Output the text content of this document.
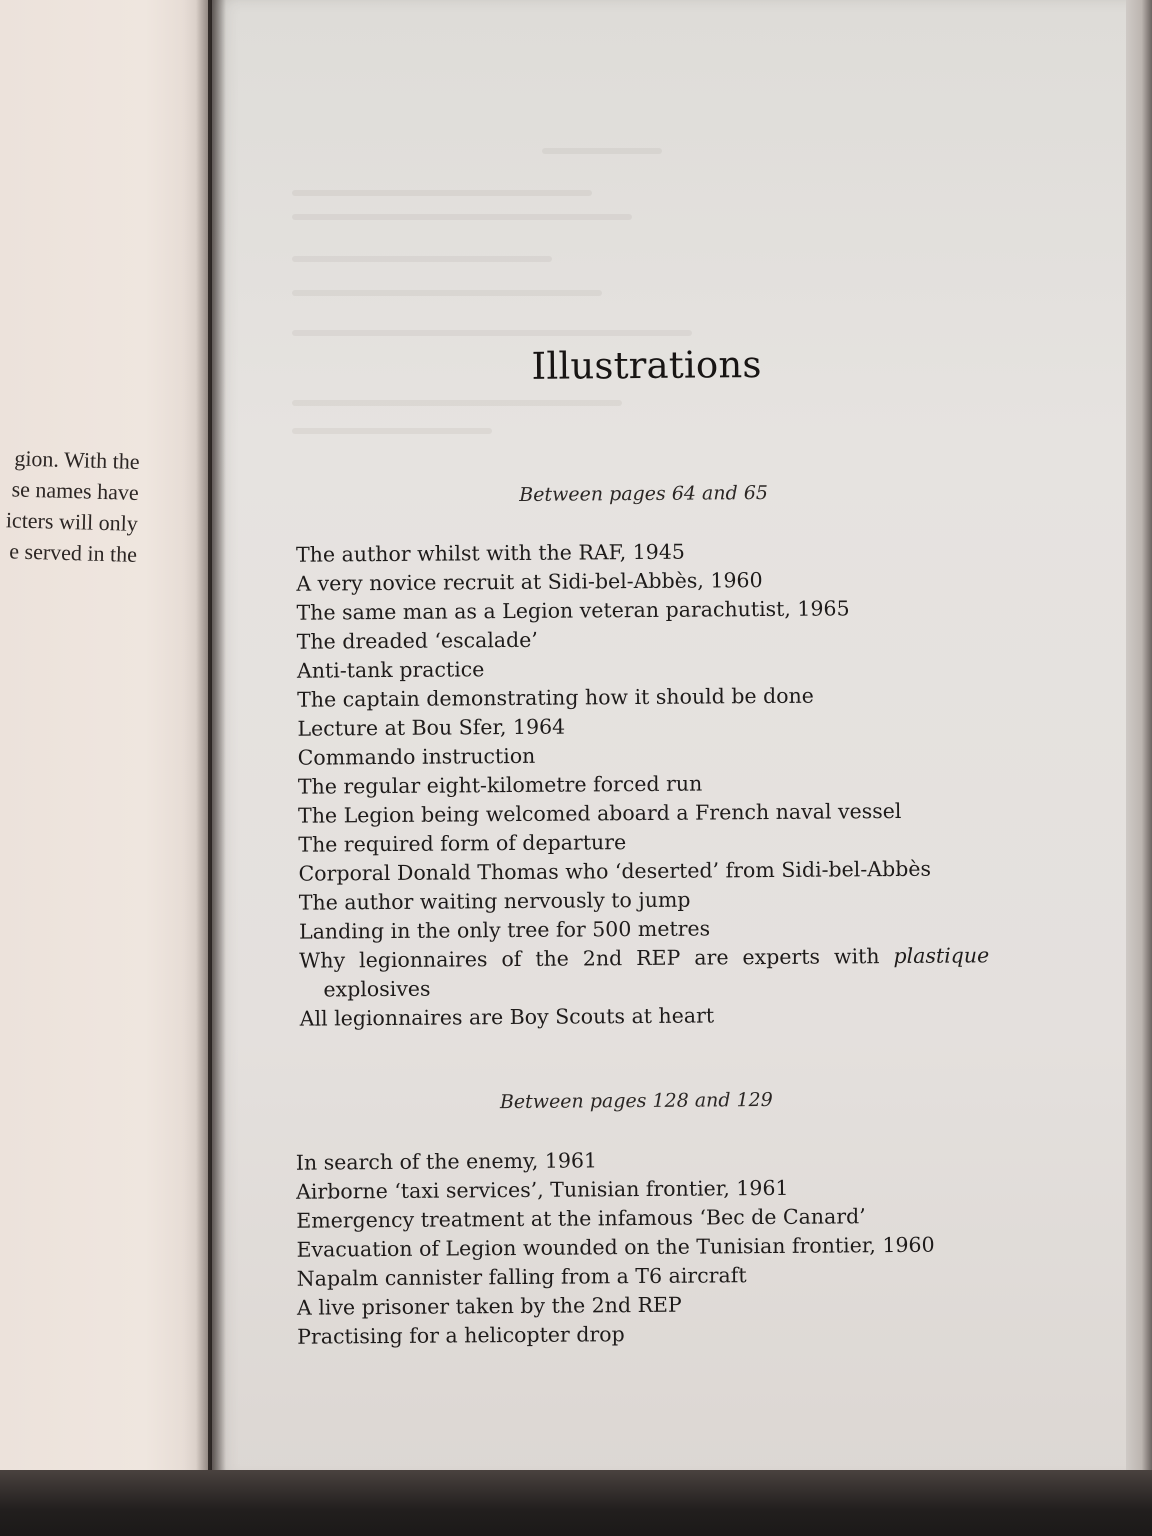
gion. With the
se names have
icters will only
e served in the
Illustrations
Between pages 64 and 65
The author whilst with the RAF, 1945
A very novice recruit at Sidi-bel-Abbès, 1960
The same man as a Legion veteran parachutist, 1965
The dreaded ‘escalade’
Anti-tank practice
The captain demonstrating how it should be done
Lecture at Bou Sfer, 1964
Commando instruction
The regular eight-kilometre forced run
The Legion being welcomed aboard a French naval vessel
The required form of departure
Corporal Donald Thomas who ‘deserted’ from Sidi-bel-Abbès
The author waiting nervously to jump
Landing in the only tree for 500 metres
Why legionnaires of the 2nd REP are experts with plastique
explosives
All legionnaires are Boy Scouts at heart
Between pages 128 and 129
In search of the enemy, 1961
Airborne ‘taxi services’, Tunisian frontier, 1961
Emergency treatment at the infamous ‘Bec de Canard’
Evacuation of Legion wounded on the Tunisian frontier, 1960
Napalm cannister falling from a T6 aircraft
A live prisoner taken by the 2nd REP
Practising for a helicopter drop
